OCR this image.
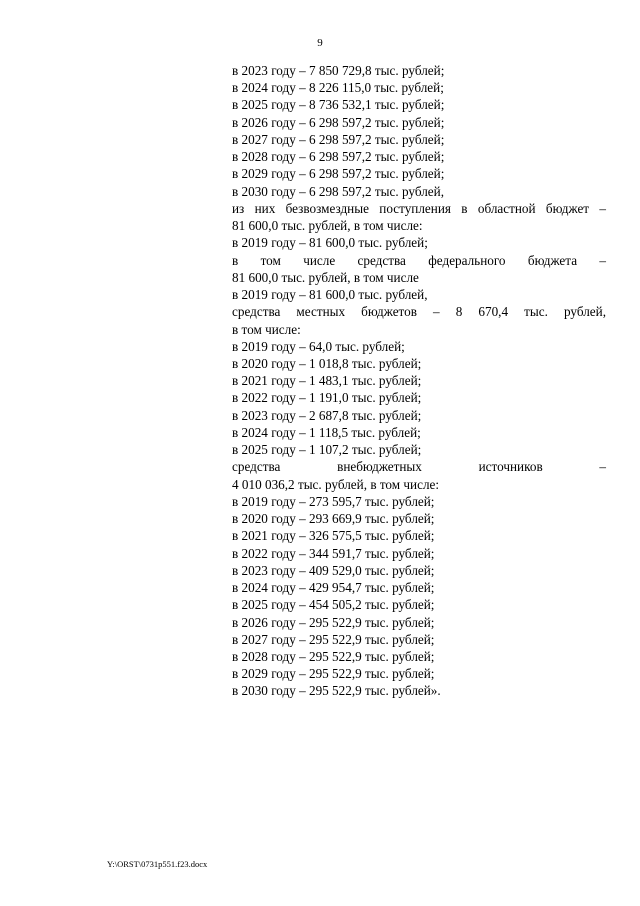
9
в 2023 году – 7 850 729,8 тыс. рублей;
в 2024 году – 8 226 115,0 тыс. рублей;
в 2025 году – 8 736 532,1 тыс. рублей;
в 2026 году – 6 298 597,2 тыс. рублей;
в 2027 году – 6 298 597,2 тыс. рублей;
в 2028 году – 6 298 597,2 тыс. рублей;
в 2029 году – 6 298 597,2 тыс. рублей;
в 2030 году – 6 298 597,2 тыс. рублей,
из них безвозмездные поступления в областной бюджет –
81 600,0 тыс. рублей, в том числе:
в 2019 году – 81 600,0 тыс. рублей;
в том числе средства федерального бюджета –
81 600,0 тыс. рублей, в том числе
в 2019 году – 81 600,0 тыс. рублей,
средства местных бюджетов – 8 670,4 тыс. рублей,
в том числе:
в 2019 году – 64,0 тыс. рублей;
в 2020 году – 1 018,8 тыс. рублей;
в 2021 году – 1 483,1 тыс. рублей;
в 2022 году – 1 191,0 тыс. рублей;
в 2023 году – 2 687,8 тыс. рублей;
в 2024 году – 1 118,5 тыс. рублей;
в 2025 году – 1 107,2 тыс. рублей;
средства внебюджетных источников –
4 010 036,2 тыс. рублей, в том числе:
в 2019 году – 273 595,7 тыс. рублей;
в 2020 году – 293 669,9 тыс. рублей;
в 2021 году – 326 575,5 тыс. рублей;
в 2022 году – 344 591,7 тыс. рублей;
в 2023 году – 409 529,0 тыс. рублей;
в 2024 году – 429 954,7 тыс. рублей;
в 2025 году – 454 505,2 тыс. рублей;
в 2026 году – 295 522,9 тыс. рублей;
в 2027 году – 295 522,9 тыс. рублей;
в 2028 году – 295 522,9 тыс. рублей;
в 2029 году – 295 522,9 тыс. рублей;
в 2030 году – 295 522,9 тыс. рублей».
Y:\ORST\0731p551.f23.docx
